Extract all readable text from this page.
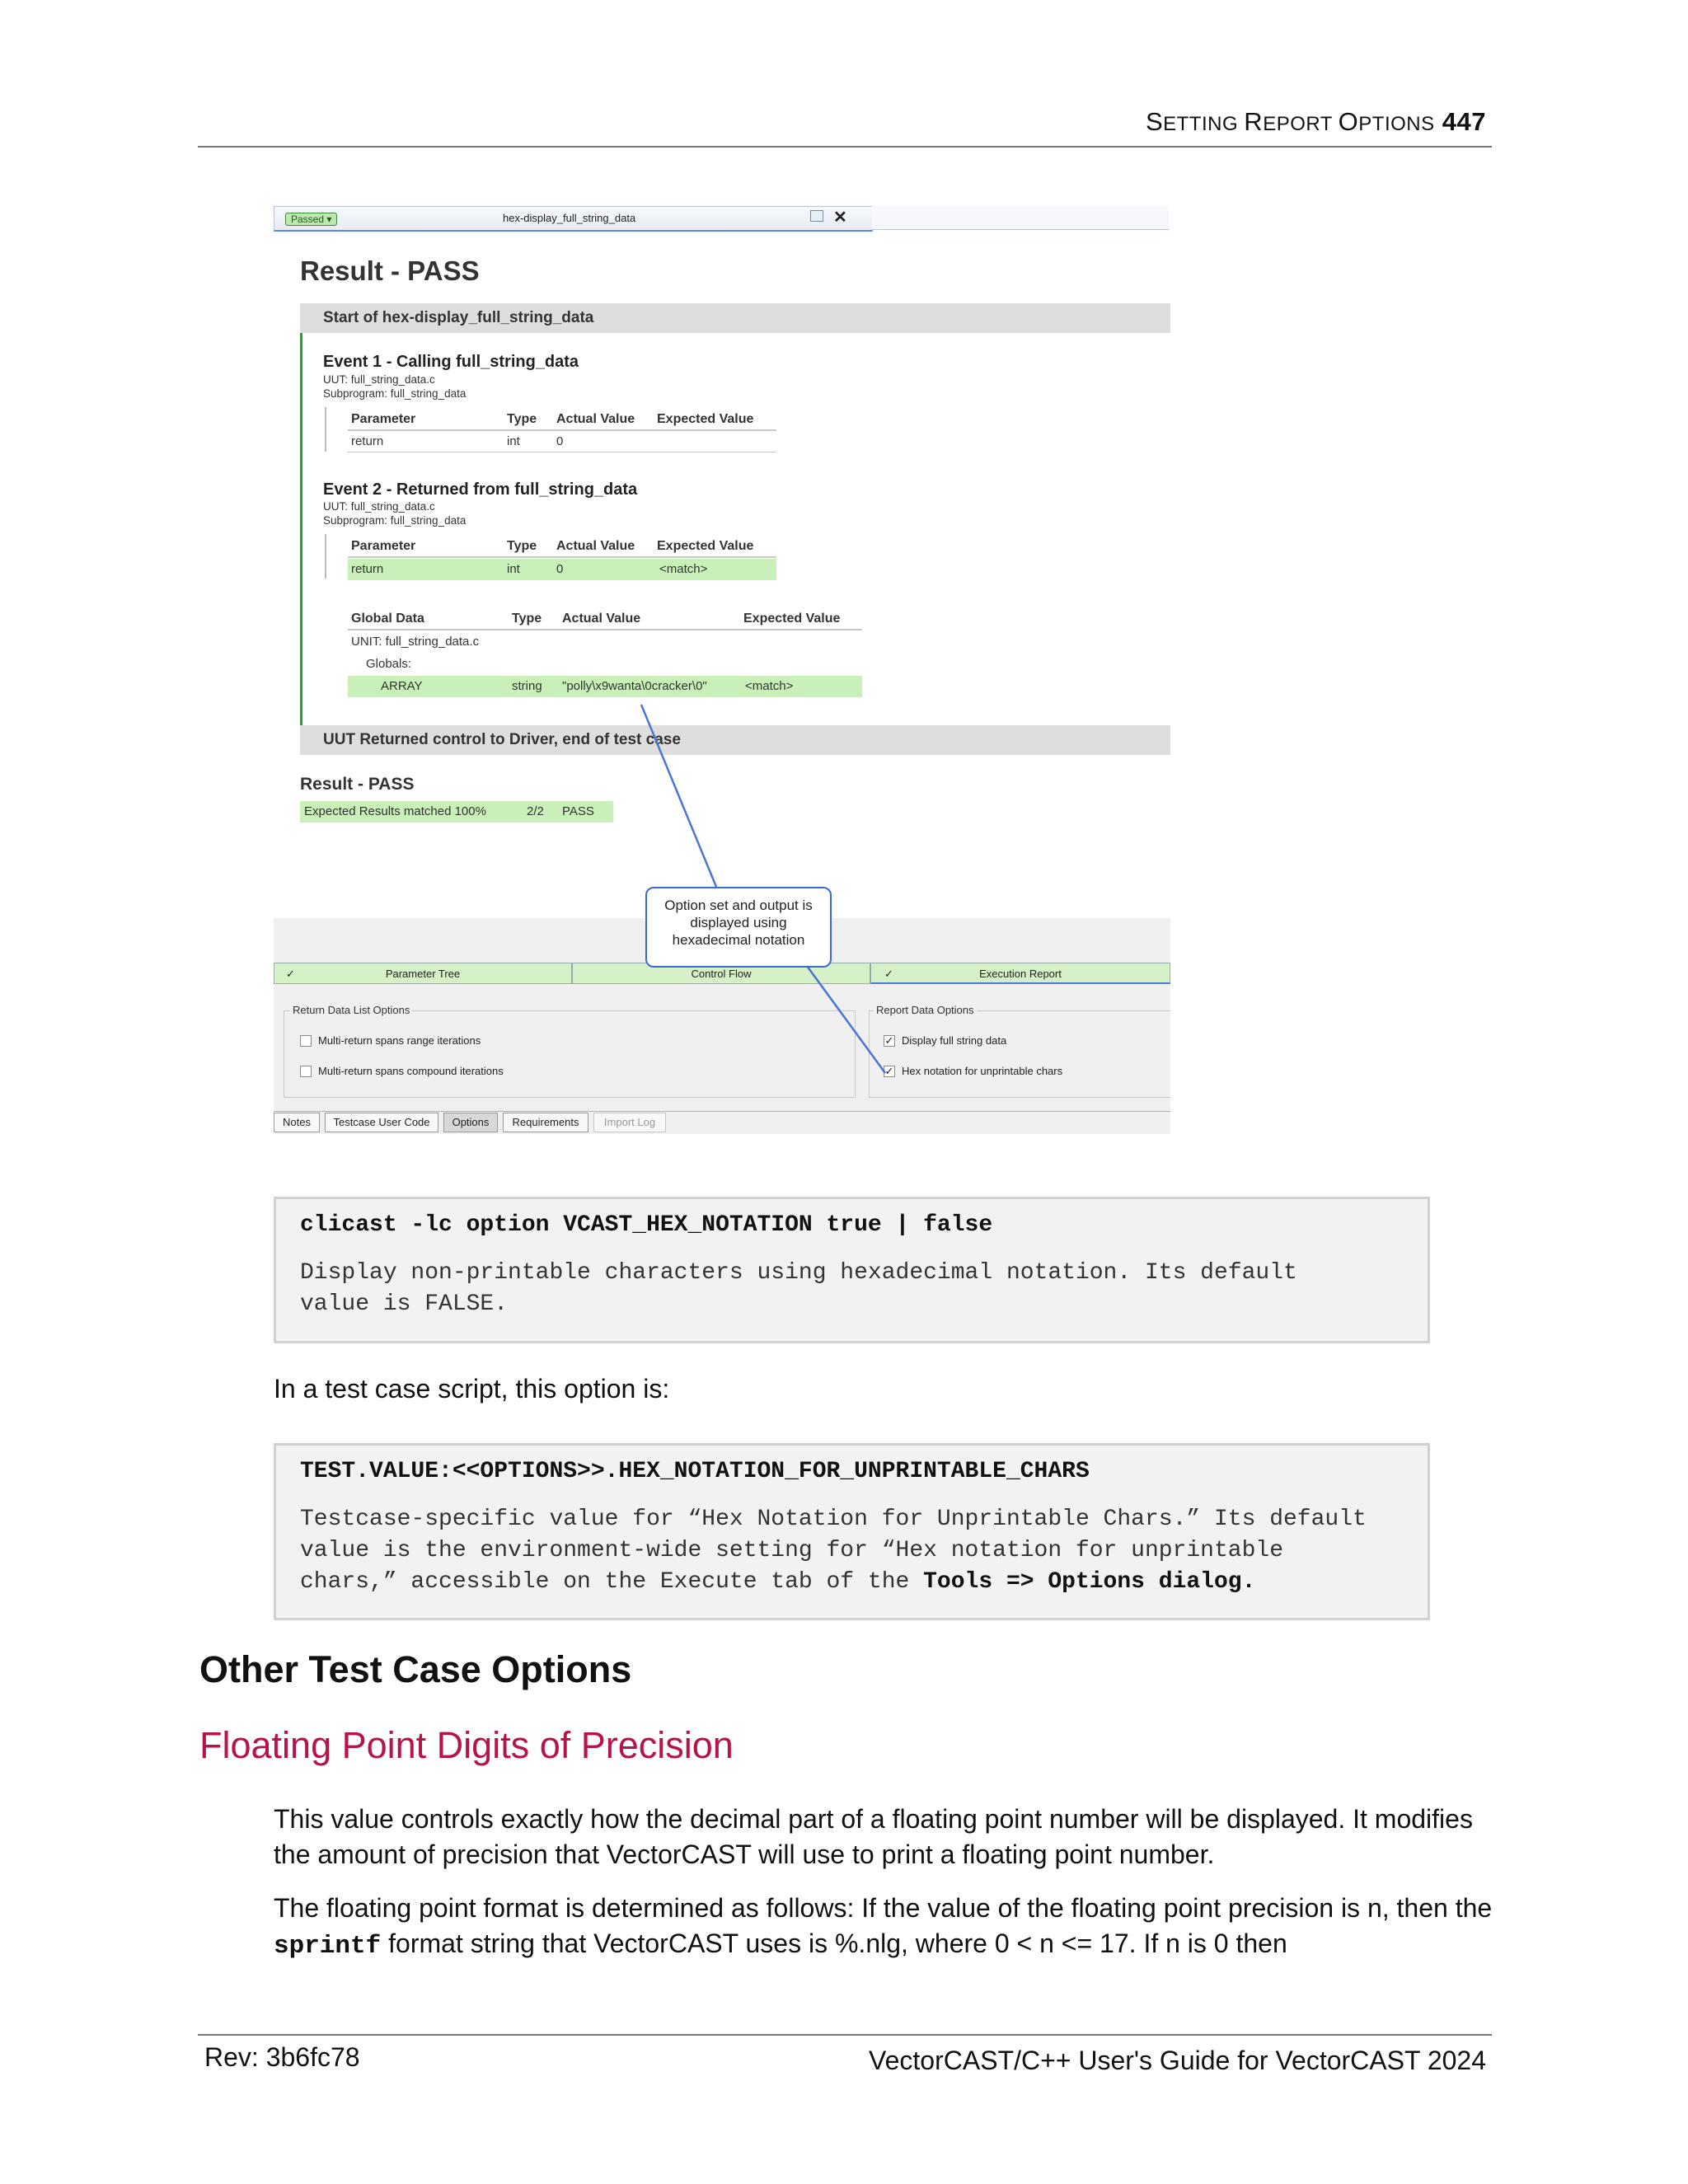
SETTING REPORT OPTIONS 447
Passed ▾	hex-display_full_string_data	✕
Result - PASS
Start of hex-display_full_string_data
Event 1 - Calling full_string_data
UUT: full_string_data.c
Subprogram: full_string_data
Parameter	Type Actual Value Expected Value
return	int	0
Event 2 - Returned from full_string_data
UUT: full_string_data.c
Subprogram: full_string_data
Parameter	Type Actual Value Expected Value
return	int	0	<match>
Global Data	Type Actual Value	Expected Value
UNIT: full_string_data.c
Globals:
ARRAY	string "polly\x9wanta\0cracker\0"	<match>
UUT Returned control to Driver, end of test case
Result - PASS
Expected Results matched 100%	2/2 PASS
✓	Parameter Tree	Control Flow	✓	Execution Report
Return Data List Options
Multi-return spans range iterations
Multi-return spans compound iterations
Report Data Options
✓ Display full string data
✓ Hex notation for unprintable chars
Notes	Testcase User Code	Options	Requirements	Import Log
Option set and output is
displayed using
hexadecimal notation
clicast -lc option VCAST_HEX_NOTATION true | false
Display non-printable characters using hexadecimal notation. Its default
value is FALSE.
In a test case script, this option is:
TEST.VALUE:<<OPTIONS>>.HEX_NOTATION_FOR_UNPRINTABLE_CHARS
Testcase-specific value for “Hex Notation for Unprintable Chars.” Its default
value is the environment-wide setting for “Hex notation for unprintable
chars,” accessible on the Execute tab of the Tools => Options dialog.
Other Test Case Options
Floating Point Digits of Precision
This value controls exactly how the decimal part of a floating point number will be displayed. It modifies the amount of precision that VectorCAST will use to print a floating point number.
The floating point format is determined as follows: If the value of the floating point precision is n, then the sprintf format string that VectorCAST uses is %.nlg, where 0 < n <= 17. If n is 0 then
Rev: 3b6fc78	VectorCAST/C++ User's Guide for VectorCAST 2024
